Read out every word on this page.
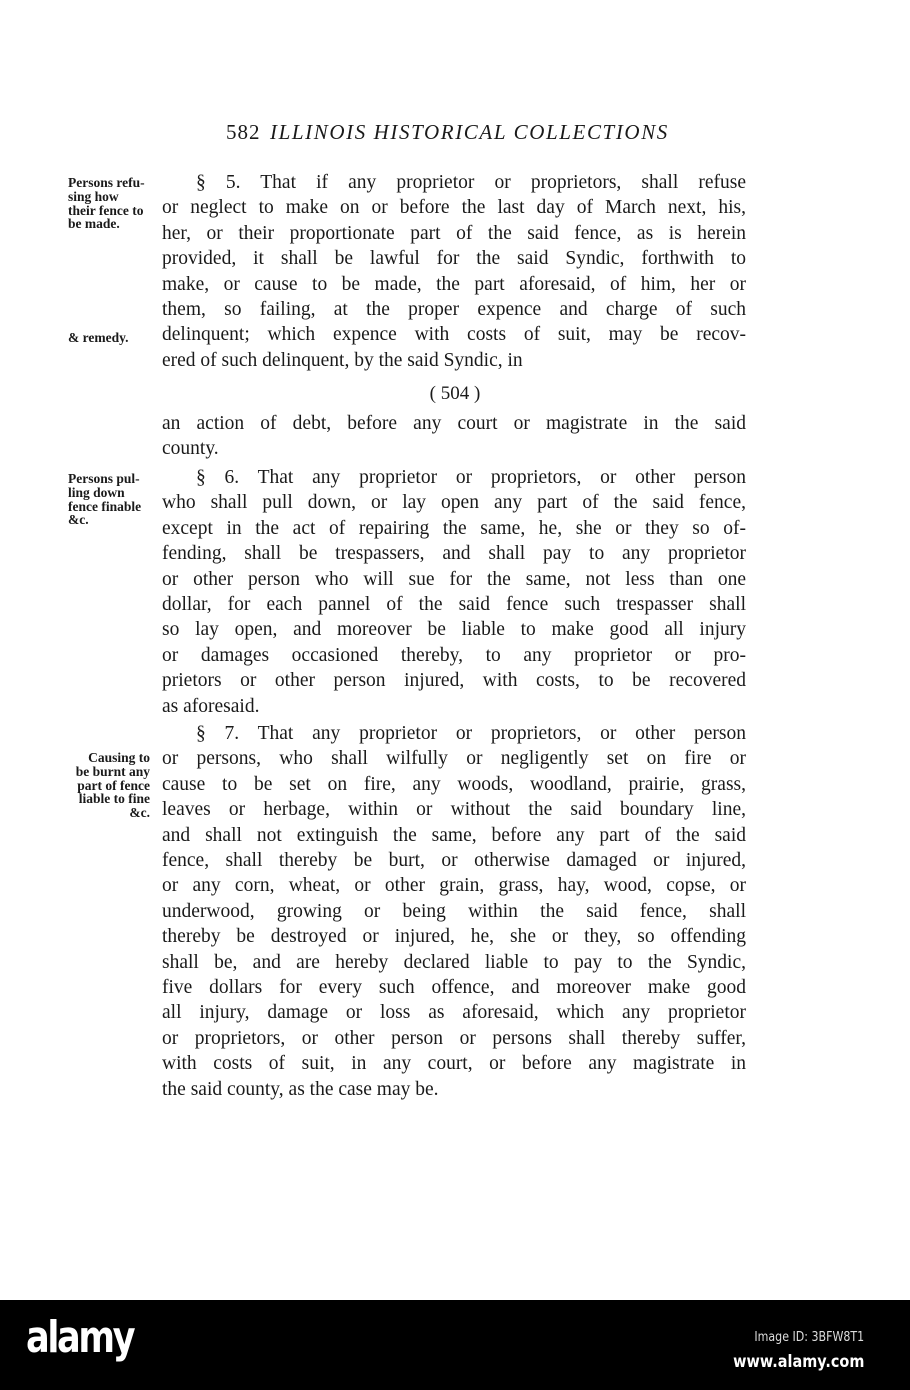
582 ILLINOIS HISTORICAL COLLECTIONS
Persons refu-
sing how
their fence to
be made.
& remedy.
Persons pul-
ling down
fence finable
&c.
Causing to
be burnt any
part of fence
liable to fine
&c.
§ 5. That if any proprietor or proprietors, shall refuse
or neglect to make on or before the last day of March next, his,
her, or their proportionate part of the said fence, as is herein
provided, it shall be lawful for the said Syndic, forthwith to
make, or cause to be made, the part aforesaid, of him, her or
them, so failing, at the proper expence and charge of such
delinquent; which expence with costs of suit, may be recov-
ered of such delinquent, by the said Syndic, in
( 504 )
an action of debt, before any court or magistrate in the said
county.
§ 6. That any proprietor or proprietors, or other person
who shall pull down, or lay open any part of the said fence,
except in the act of repairing the same, he, she or they so of-
fending, shall be trespassers, and shall pay to any proprietor
or other person who will sue for the same, not less than one
dollar, for each pannel of the said fence such trespasser shall
so lay open, and moreover be liable to make good all injury
or damages occasioned thereby, to any proprietor or pro-
prietors or other person injured, with costs, to be recovered
as aforesaid.
§ 7. That any proprietor or proprietors, or other person
or persons, who shall wilfully or negligently set on fire or
cause to be set on fire, any woods, woodland, prairie, grass,
leaves or herbage, within or without the said boundary line,
and shall not extinguish the same, before any part of the said
fence, shall thereby be burt, or otherwise damaged or injured,
or any corn, wheat, or other grain, grass, hay, wood, copse, or
underwood, growing or being within the said fence, shall
thereby be destroyed or injured, he, she or they, so offending
shall be, and are hereby declared liable to pay to the Syndic,
five dollars for every such offence, and moreover make good
all injury, damage or loss as aforesaid, which any proprietor
or proprietors, or other person or persons shall thereby suffer,
with costs of suit, in any court, or before any magistrate in
the said county, as the case may be.
alamy	Image ID: 3BFW8T1
www.alamy.com
